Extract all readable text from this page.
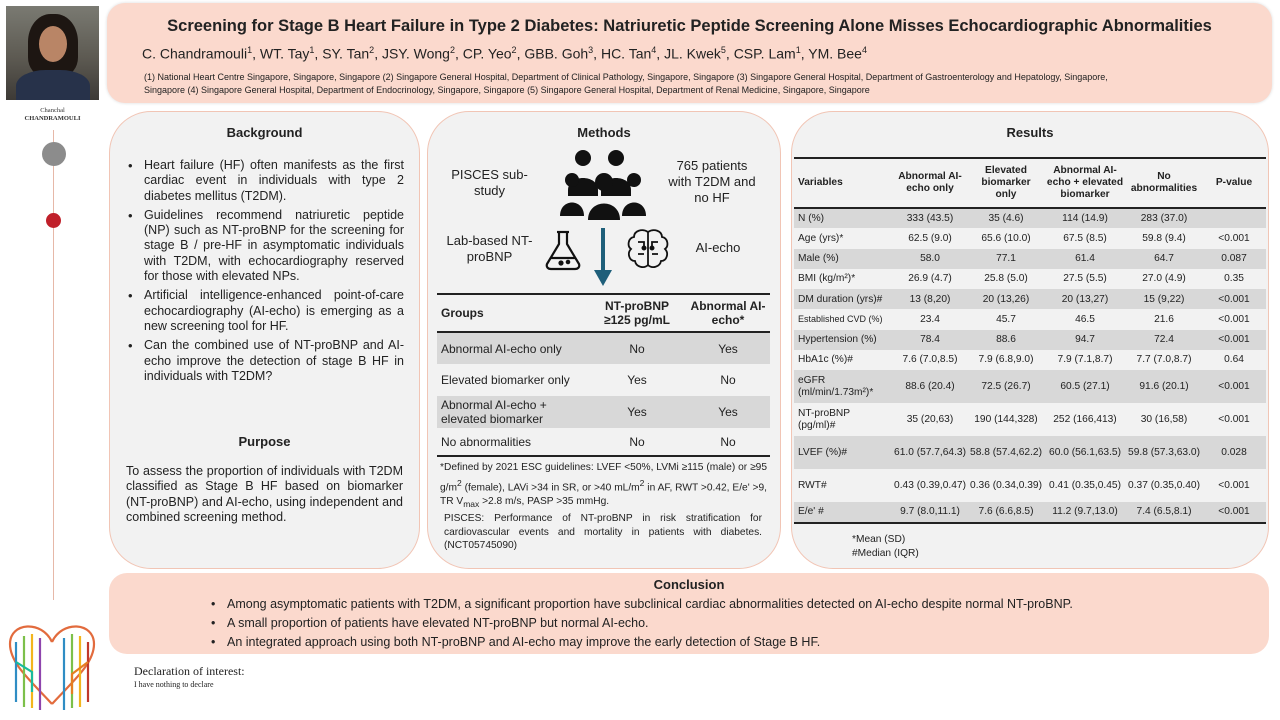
Chanchal
CHANDRAMOULI
Screening for Stage B Heart Failure in Type 2 Diabetes: Natriuretic Peptide Screening Alone Misses Echocardiographic Abnormalities
C. Chandramouli$^1$, WT. Tay$^1$, SY. Tan$^2$, JSY. Wong$^2$, CP. Yeo$^2$, GBB. Goh$^3$, HC. Tan$^4$, JL. Kwek$^5$, CSP. Lam$^1$, YM. Bee$^4$
(1) National Heart Centre Singapore, Singapore, Singapore (2) Singapore General Hospital, Department of Clinical Pathology, Singapore, Singapore (3) Singapore General Hospital, Department of Gastroenterology and Hepatology, Singapore, Singapore (4) Singapore General Hospital, Department of Endocrinology, Singapore, Singapore (5) Singapore General Hospital, Department of Renal Medicine, Singapore, Singapore
Background
• Heart failure (HF) often manifests as the first cardiac event in individuals with type 2 diabetes mellitus (T2DM).
• Guidelines recommend natriuretic peptide (NP) such as NT-proBNP for the screening for stage B / pre-HF in asymptomatic individuals with T2DM, with echocardiography reserved for those with elevated NPs.
• Artificial intelligence-enhanced point-of-care echocardiography (AI-echo) is emerging as a new screening tool for HF.
• Can the combined use of NT-proBNP and AI-echo improve the detection of stage B HF in individuals with T2DM?
Purpose
To assess the proportion of individuals with T2DM classified as Stage B HF based on biomarker (NT-proBNP) and AI-echo, using independent and combined screening method.
Methods
PISCES sub-study
765 patients with T2DM and no HF
Lab-based NT-proBNP
AI-echo
Groups	NT-proBNP ≥125 pg/mL	Abnormal AI-echo*
Abnormal AI-echo only	No	Yes
Elevated biomarker only	Yes	No
Abnormal AI-echo + elevated biomarker	Yes	Yes
No abnormalities	No	No
*Defined by 2021 ESC guidelines: LVEF <50%, LVMi ≥115 (male) or ≥95 $g/m^2$ (female), LAVi >34 in SR, or >40 $mL/m^2$ in AF, RWT >0.42, E/e' >9, TR $V_{max} >2.8$ m/s, PASP >35 mmHg.
PISCES: Performance of NT-proBNP in risk stratification for cardiovascular events and mortality in patients with diabetes. (NCT05745090)
Results
Variables	Abnormal AI-echo only	Elevated biomarker only	Abnormal AI-echo + elevated biomarker	No abnormalities	P-value
N (%)	333 (43.5)	35 (4.6)	114 (14.9)	283 (37.0)	
Age (yrs)*	62.5 (9.0)	65.6 (10.0)	67.5 (8.5)	59.8 (9.4)	<0.001
Male (%)	58.0	77.1	61.4	64.7	0.087
BMI (kg/m²)*	26.9 (4.7)	25.8 (5.0)	27.5 (5.5)	27.0 (4.9)	0.35
DM duration (yrs)#	13 (8,20)	20 (13,26)	20 (13,27)	15 (9,22)	<0.001
Established CVD (%)	23.4	45.7	46.5	21.6	<0.001
Hypertension (%)	78.4	88.6	94.7	72.4	<0.001
HbA1c (%)#	7.6 (7.0,8.5)	7.9 (6.8,9.0)	7.9 (7.1,8.7)	7.7 (7.0,8.7)	0.64
eGFR (ml/min/1.73m²)*	88.6 (20.4)	72.5 (26.7)	60.5 (27.1)	91.6 (20.1)	<0.001
NT-proBNP (pg/ml)#	35 (20,63)	190 (144,328)	252 (166,413)	30 (16,58)	<0.001
LVEF (%)#	61.0 (57.7,64.3)	58.8 (57.4,62.2)	60.0 (56.1,63.5)	59.8 (57.3,63.0)	0.028
RWT#	0.43 (0.39,0.47)	0.36 (0.34,0.39)	0.41 (0.35,0.45)	0.37 (0.35,0.40)	<0.001
E/e' #	9.7 (8.0,11.1)	7.6 (6.6,8.5)	11.2 (9.7,13.0)	7.4 (6.5,8.1)	<0.001
*Mean (SD)
#Median (IQR)
Conclusion
• Among asymptomatic patients with T2DM, a significant proportion have subclinical cardiac abnormalities detected on AI-echo despite normal NT-proBNP.
• A small proportion of patients have elevated NT-proBNP but normal AI-echo.
• An integrated approach using both NT-proBNP and AI-echo may improve the early detection of Stage B HF.
Declaration of interest:
I have nothing to declare
